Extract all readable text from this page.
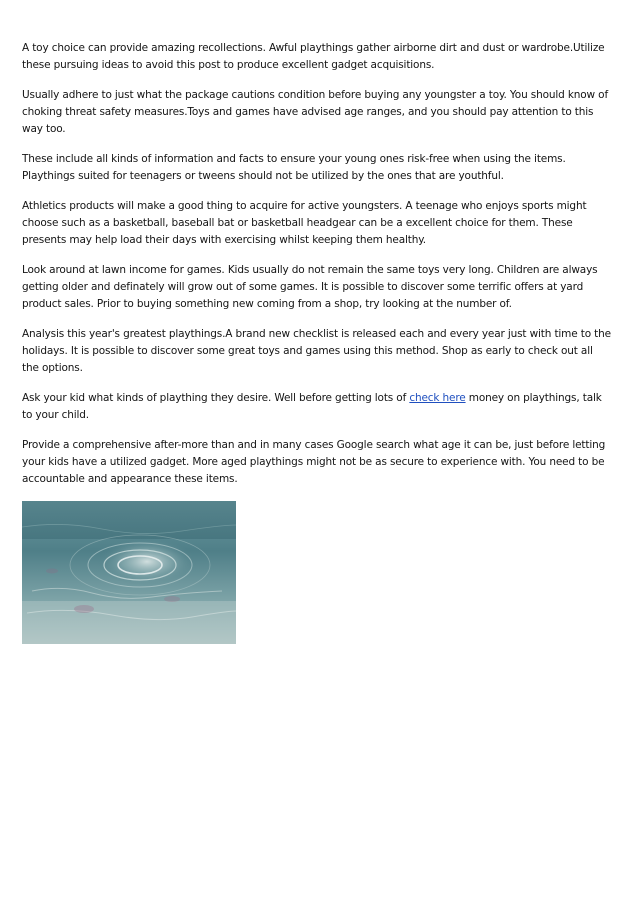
A toy choice can provide amazing recollections. Awful playthings gather airborne dirt and dust or wardrobe.Utilize these pursuing ideas to avoid this post to produce excellent gadget acquisitions.

Usually adhere to just what the package cautions condition before buying any youngster a toy. You should know of choking threat safety measures.Toys and games have advised age ranges, and you should pay attention to this way too.

These include all kinds of information and facts to ensure your young ones risk-free when using the items. Playthings suited for teenagers or tweens should not be utilized by the ones that are youthful.

Athletics products will make a good thing to acquire for active youngsters. A teenage who enjoys sports might choose such as a basketball, baseball bat or basketball headgear can be a excellent choice for them. These presents may help load their days with exercising whilst keeping them healthy.

Look around at lawn income for games. Kids usually do not remain the same toys very long. Children are always getting older and definately will grow out of some games. It is possible to discover some terrific offers at yard product sales. Prior to buying something new coming from a shop, try looking at the number of.

Analysis this year's greatest playthings.A brand new checklist is released each and every year just with time to the holidays. It is possible to discover some great toys and games using this method. Shop as early to check out all the options.

Ask your kid what kinds of plaything they desire. Well before getting lots of check here money on playthings, talk to your child.

Provide a comprehensive after-more than and in many cases Google search what age it can be, just before letting your kids have a utilized gadget. More aged playthings might not be as secure to experience with. You need to be accountable and appearance these items.
